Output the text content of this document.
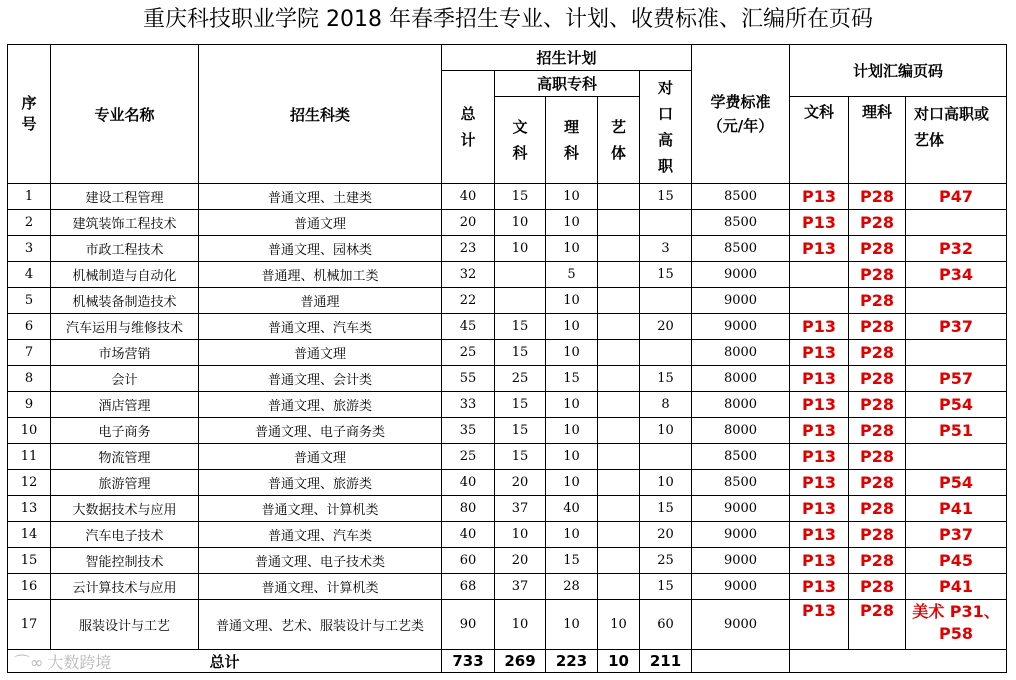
重庆科技职业学院 2018 年春季招生专业、计划、收费标准、汇编所在页码
序号	专业名称	招生科类	招生计划					学费标准（元/年）	计划汇编页码		
			总计	高职专科			对口高职				
				文科	理科	艺体			文科	理科	对口高职或艺体
1	建设工程管理	普通文理、土建类	40	15	10		15	8500	P13	P28	P47
2	建筑装饰工程技术	普通文理	20	10	10			8500	P13	P28	
3	市政工程技术	普通文理、园林类	23	10	10		3	8500	P13	P28	P32
4	机械制造与自动化	普通理、机械加工类	32		5		15	9000		P28	P34
5	机械装备制造技术	普通理	22		10			9000		P28	
6	汽车运用与维修技术	普通文理、汽车类	45	15	10		20	9000	P13	P28	P37
7	市场营销	普通文理	25	15	10			8000	P13	P28	
8	会计	普通文理、会计类	55	25	15		15	8000	P13	P28	P57
9	酒店管理	普通文理、旅游类	33	15	10		8	8000	P13	P28	P54
10	电子商务	普通文理、电子商务类	35	15	10		10	8000	P13	P28	P51
11	物流管理	普通文理	25	15	10			8500	P13	P28	
12	旅游管理	普通文理、旅游类	40	20	10		10	8500	P13	P28	P54
13	大数据技术与应用	普通文理、计算机类	80	37	40		15	9000	P13	P28	P41
14	汽车电子技术	普通文理、汽车类	40	10	10		20	9000	P13	P28	P37
15	智能控制技术	普通文理、电子技术类	60	20	15		25	9000	P13	P28	P45
16	云计算技术与应用	普通文理、计算机类	68	37	28		15	9000	P13	P28	P41
17	服装设计与工艺	普通文理、艺术、服装设计与工艺类	90	10	10	10	60	9000	P13	P28	美术 P31、P58
总计			733	269	223	10	211				
⌒∞ 大数跨境
